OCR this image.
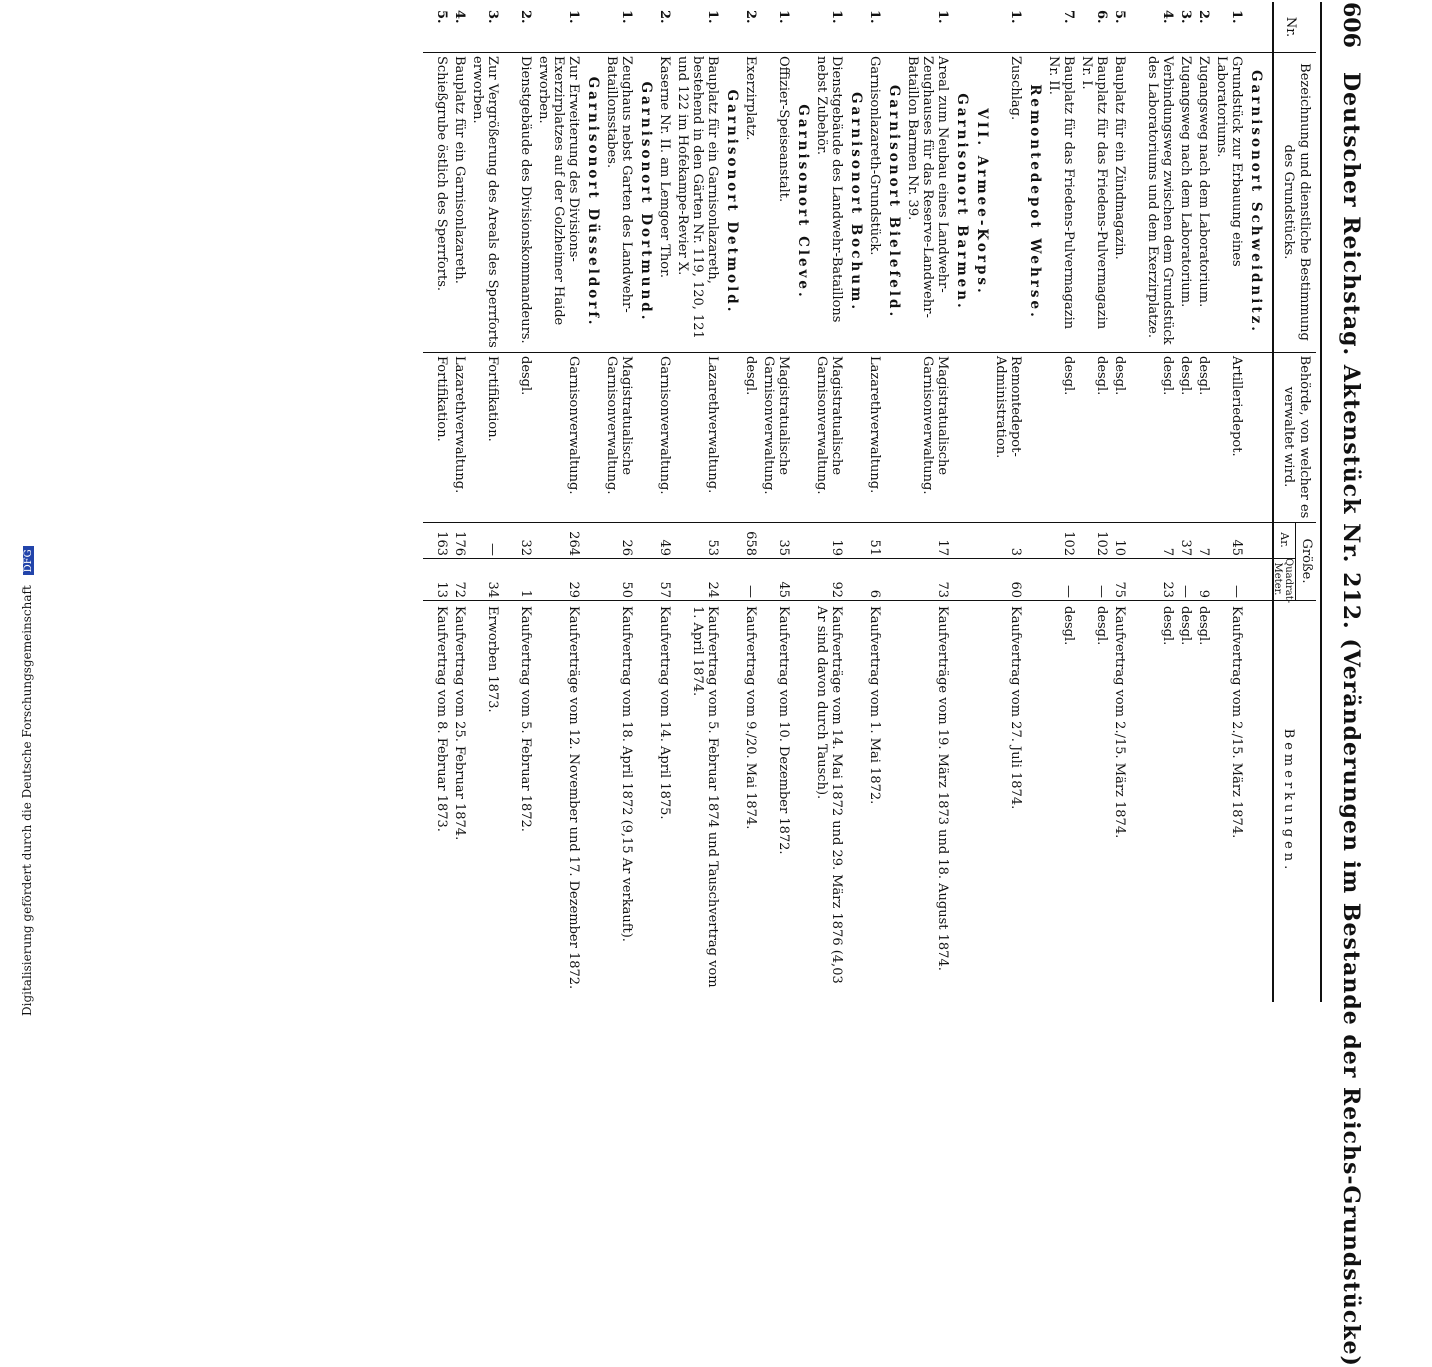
606
Deutscher Reichstag. Aktenstück Nr. 212. (Veränderungen im Bestande der Reichs-Grundstücke)
Nr.
Bezeichnung und dienstliche Bestimmung des Grundstücks.
Behörde, von welcher es verwaltet wird.
Größe.
Ar.
Quadrat-Meter.
Bemerkungen.
Garnisonort Schweidnitz.
1.
Grundstück zur Erbauung eines Laboratoriums.
Artilleriedepot.
45
—
Kaufvertrag vom 2./15. März 1874.
2.
Zugangsweg nach dem Laboratorium.
desgl.
7
9
desgl.
3.
Zugangsweg nach dem Laboratorium.
desgl.
37
—
desgl.
4.
Verbindungsweg zwischen dem Grundstück des Laboratoriums und dem Exerzirplatze.
desgl.
7
23
desgl.
5.
Bauplatz für ein Zündmagazin.
desgl.
10
75
Kaufvertrag vom 2./15. März 1874.
6.
Bauplatz für das Friedens-Pulvermagazin Nr. I.
desgl.
102
—
desgl.
7.
Bauplatz für das Friedens-Pulvermagazin Nr. II.
desgl.
102
—
desgl.
Remontedepot Wehrse.
1.
Zuschlag.
Remontedepot-Administration.
3
60
Kaufvertrag vom 27. Juli 1874.
VII. Armee-Korps.
Garnisonort Barmen.
1.
Areal zum Neubau eines Landwehr-Zeughauses für das Reserve-Landwehr-Bataillon Barmen Nr. 39.
Magistratualische Garnisonverwaltung.
17
73
Kaufverträge vom 19. März 1873 und 18. August 1874.
Garnisonort Bielefeld.
1.
Garnisonlazareth-Grundstück.
Lazarethverwaltung.
51
6
Kaufvertrag vom 1. Mai 1872.
Garnisonort Bochum.
1.
Dienstgebäude des Landwehr-Bataillons nebst Zubehör.
Magistratualische Garnisonverwaltung.
19
92
Kaufverträge vom 14. Mai 1872 und 29. März 1876 (4,03 Ar sind davon durch Tausch).
Garnisonort Cleve.
1.
Offizier-Speiseanstalt.
Magistratualische Garnisonverwaltung.
35
45
Kaufvertrag vom 10. Dezember 1872.
2.
Exerzirplatz.
desgl.
658
—
Kaufvertrag vom 9./20. Mai 1874.
Garnisonort Detmold.
1.
Bauplatz für ein Garnisonlazareth, bestehend in den Gärten Nr. 119, 120, 121 und 122 im Hofekampe-Revier X.
Lazarethverwaltung.
53
24
Kaufvertrag vom 5. Februar 1874 und Tauschvertrag vom 1. April 1874.
2.
Kaserne Nr. II. am Lemgoer Thor.
Garnisonverwaltung.
49
57
Kaufvertrag vom 14. April 1875.
Garnisonort Dortmund.
1.
Zeughaus nebst Garten des Landwehr-Bataillonsstabes.
Magistratualische Garnisonverwaltung.
26
50
Kaufvertrag vom 18. April 1872 (9,15 Ar verkauft).
Garnisonort Düsseldorf.
1.
Zur Erweiterung des Divisions-Exerzirplatzes auf der Golzheimer Haide erworben.
Garnisonverwaltung.
264
29
Kaufverträge vom 12. November und 17. Dezember 1872.
2.
Dienstgebäude des Divisionskommandeurs.
desgl.
32
1
Kaufvertrag vom 5. Februar 1872.
3.
Zur Vergrößerung des Areals des Sperrforts erworben.
Fortifikation.
—
34
Erworben 1873.
4.
Bauplatz für ein Garnisonlazareth.
Lazarethverwaltung.
176
72
Kaufvertrag vom 25. Februar 1874.
5.
Schießgrube östlich des Sperrforts.
Fortifikation.
163
13
Kaufvertrag vom 8. Februar 1873.
Digitalisierung gefördert durch die Deutsche Forschungsgemeinschaft DFG
